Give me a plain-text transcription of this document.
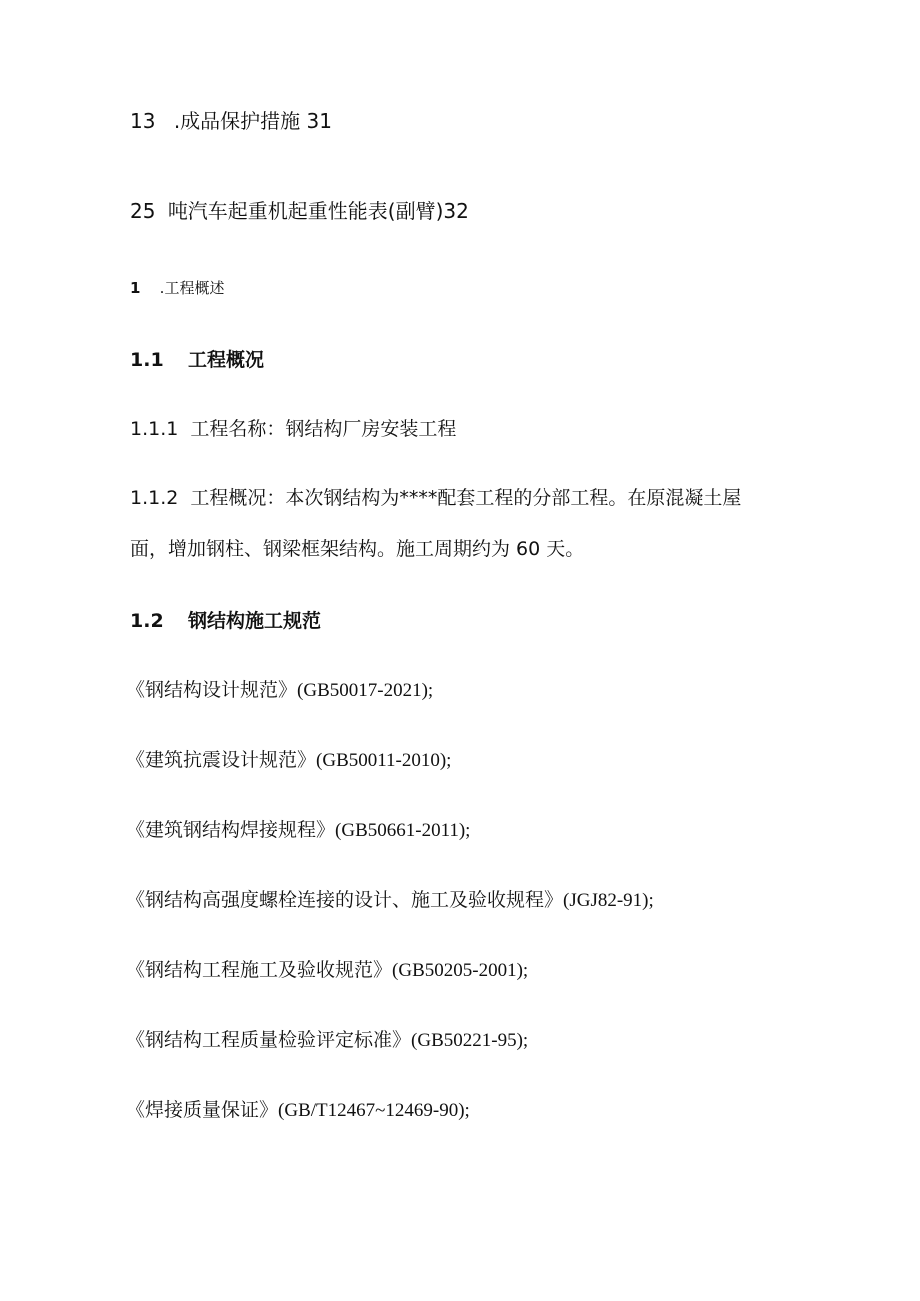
13 .成品保护措施 31
25 吨汽车起重机起重性能表(副臂)32
1 .工程概述
1.1 工程概况
1.1.1 工程名称：钢结构厂房安装工程
1.1.2 工程概况：本次钢结构为****配套工程的分部工程。在原混凝土屋
面，增加钢柱、钢梁框架结构。施工周期约为 60 天。
1.2 钢结构施工规范
《钢结构设计规范》(GB50017-2021);
《建筑抗震设计规范》(GB50011-2010);
《建筑钢结构焊接规程》(GB50661-2011);
《钢结构高强度螺栓连接的设计、施工及验收规程》(JGJ82-91);
《钢结构工程施工及验收规范》(GB50205-2001);
《钢结构工程质量检验评定标准》(GB50221-95);
《焊接质量保证》(GB/T12467~12469-90);
